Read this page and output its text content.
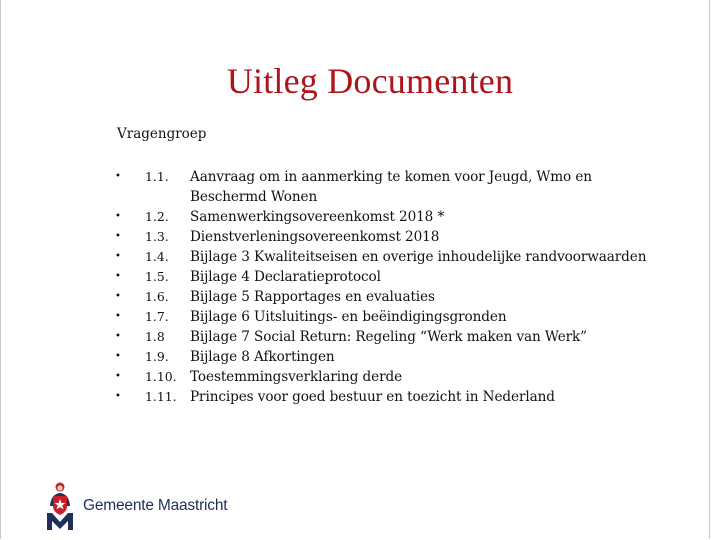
Uitleg Documenten
Vragengroep
•	1.1.	Aanvraag om in aanmerking te komen voor Jeugd, Wmo en Beschermd Wonen
•	1.2.	Samenwerkingsovereenkomst 2018 *
•	1.3.	Dienstverleningsovereenkomst 2018
•	1.4.	Bijlage 3 Kwaliteitseisen en overige inhoudelijke randvoorwaarden
•	1.5.	Bijlage 4 Declaratieprotocol
•	1.6.	Bijlage 5 Rapportages en evaluaties
•	1.7.	Bijlage 6 Uitsluitings- en beëindigingsgronden
•	1.8	Bijlage 7 Social Return: Regeling “Werk maken van Werk”
•	1.9.	Bijlage 8 Afkortingen
•	1.10. Toestemmingsverklaring derde
•	1.11. Principes voor goed bestuur en toezicht in Nederland
Gemeente Maastricht
